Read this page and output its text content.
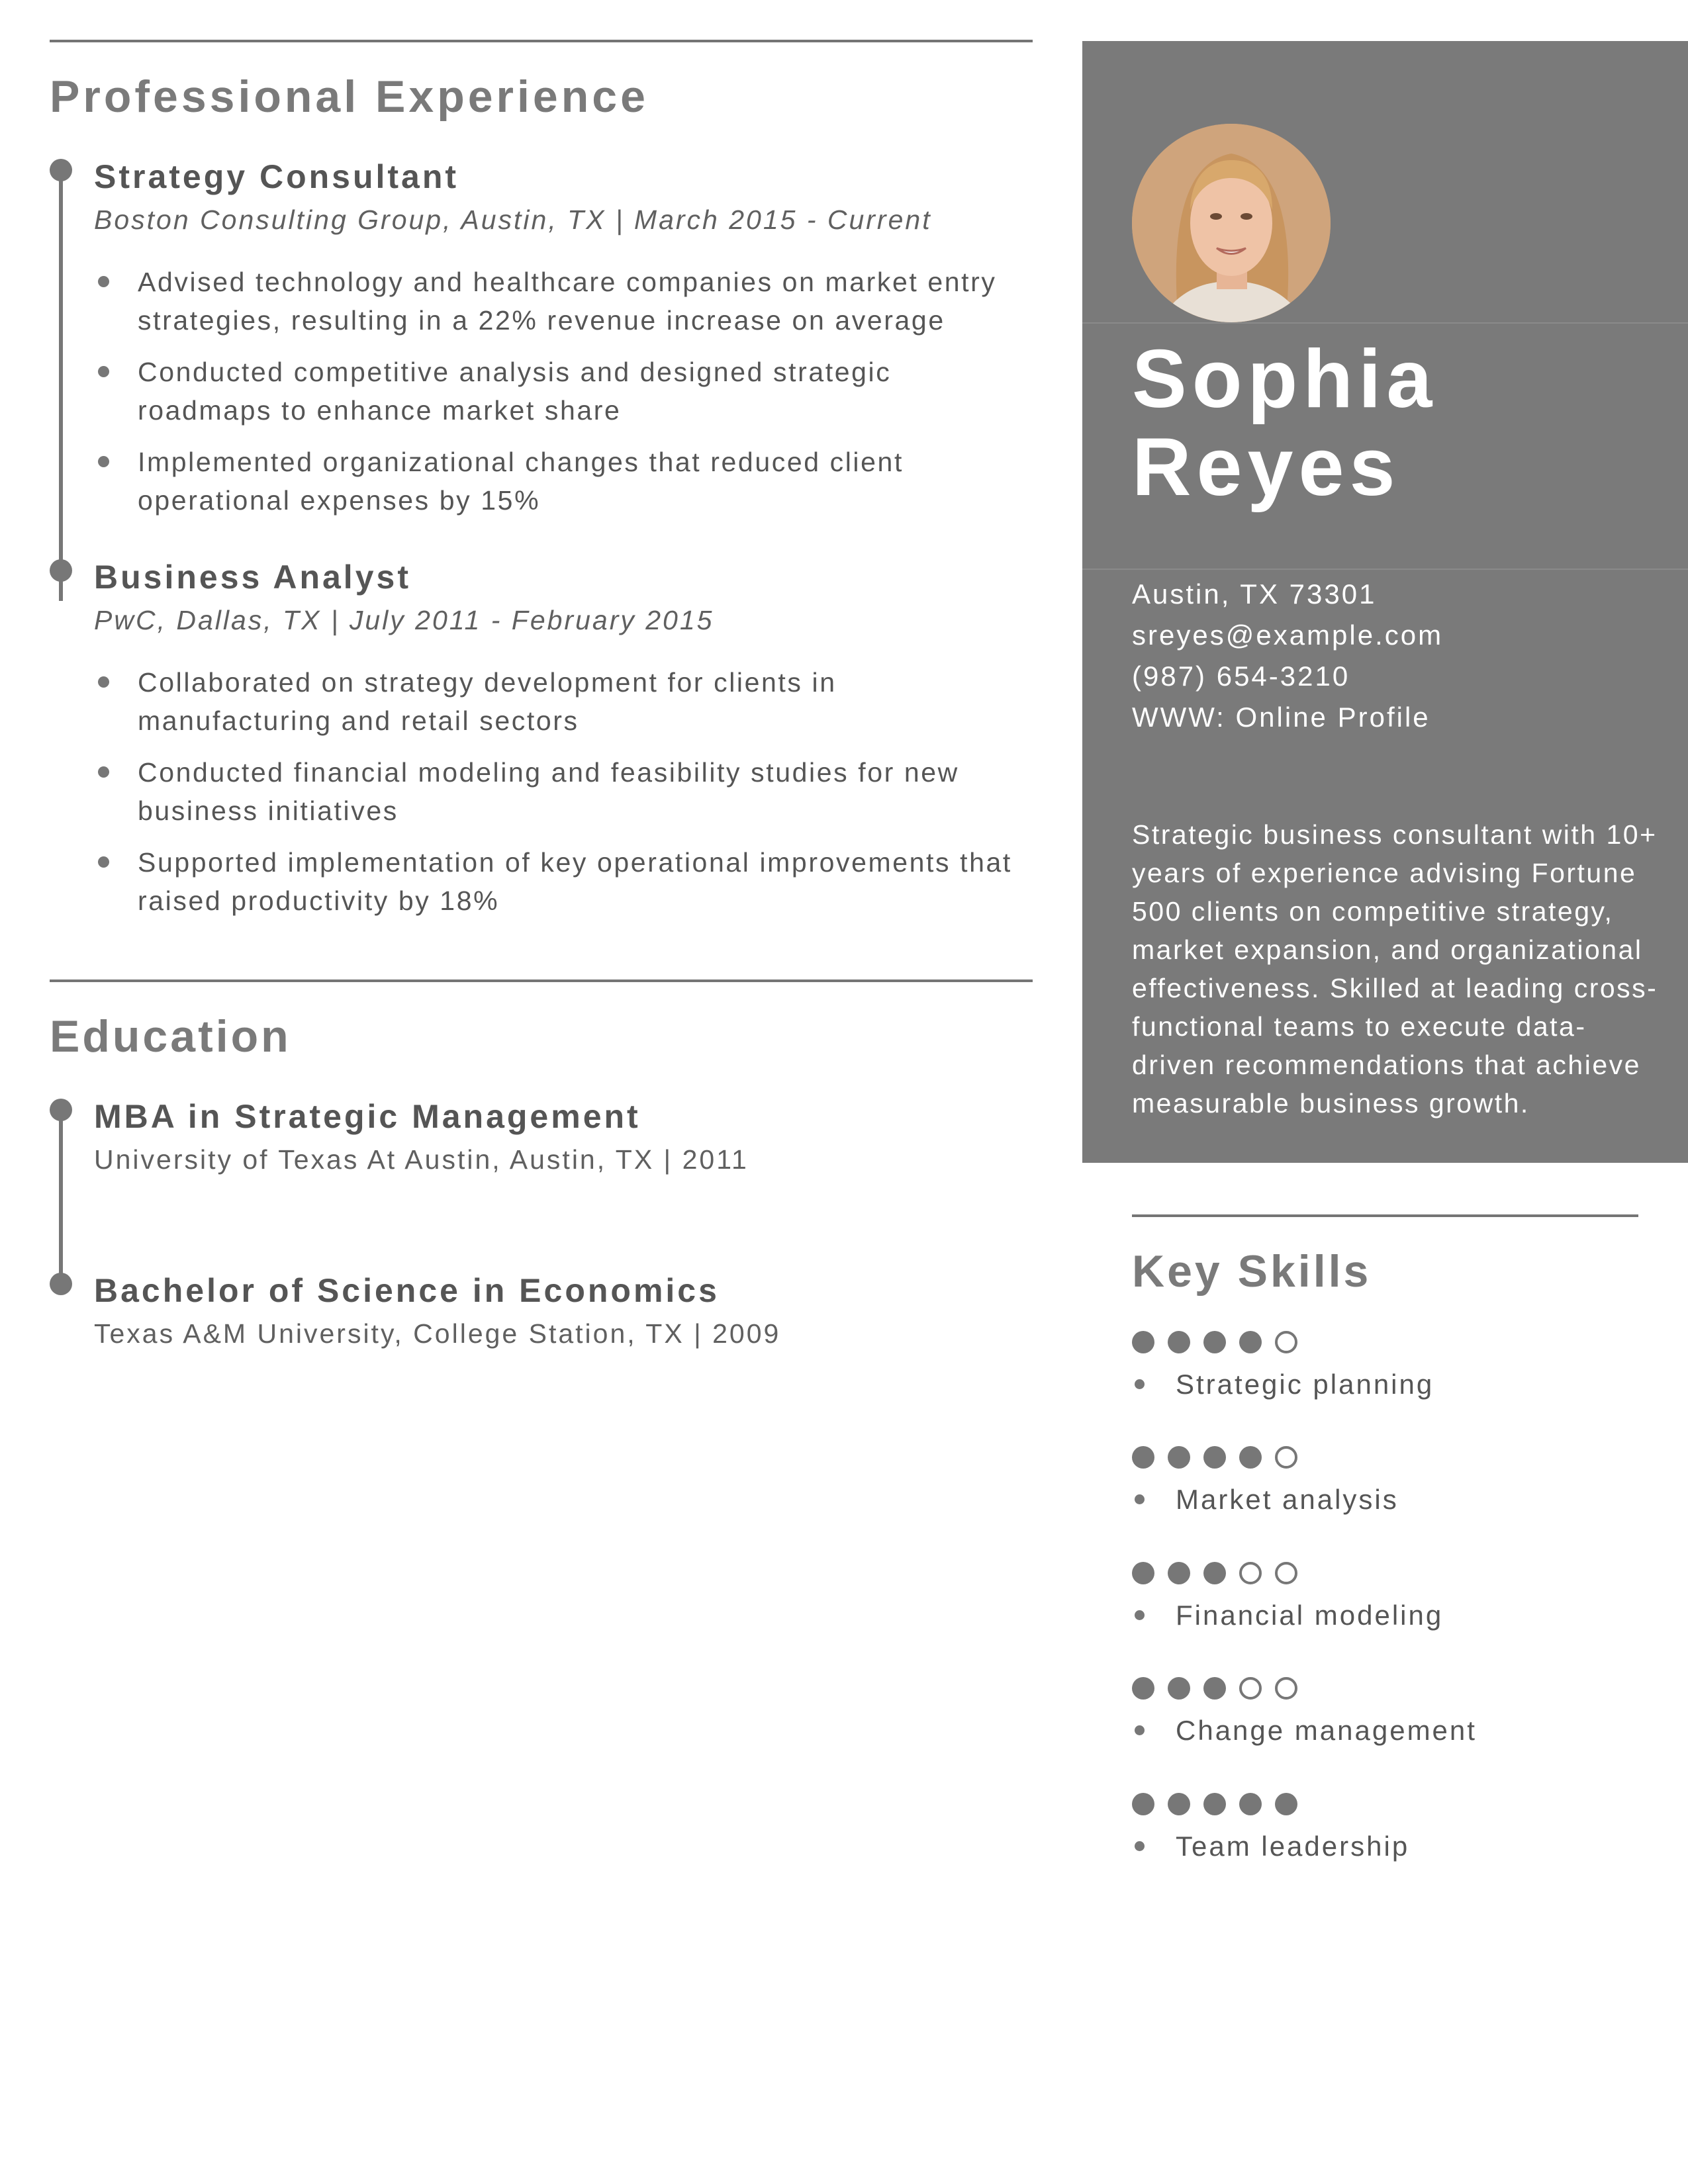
Professional Experience
Strategy Consultant
Boston Consulting Group, Austin, TX | March 2015 - Current
Advised technology and healthcare companies on market entry strategies, resulting in a 22% revenue increase on average
Conducted competitive analysis and designed strategic roadmaps to enhance market share
Implemented organizational changes that reduced client operational expenses by 15%
Business Analyst
PwC, Dallas, TX | July 2011 - February 2015
Collaborated on strategy development for clients in manufacturing and retail sectors
Conducted financial modeling and feasibility studies for new business initiatives
Supported implementation of key operational improvements that raised productivity by 18%
Education
MBA in Strategic Management
University of Texas At Austin, Austin, TX | 2011
Bachelor of Science in Economics
Texas A&M University, College Station, TX | 2009
Sophia
Reyes
Austin, TX 73301
sreyes@example.com
(987) 654-3210
WWW: Online Profile
Strategic business consultant with 10+ years of experience advising Fortune 500 clients on competitive strategy, market expansion, and organizational effectiveness. Skilled at leading cross-functional teams to execute data-driven recommendations that achieve measurable business growth.
Key Skills
Strategic planning
Market analysis
Financial modeling
Change management
Team leadership
